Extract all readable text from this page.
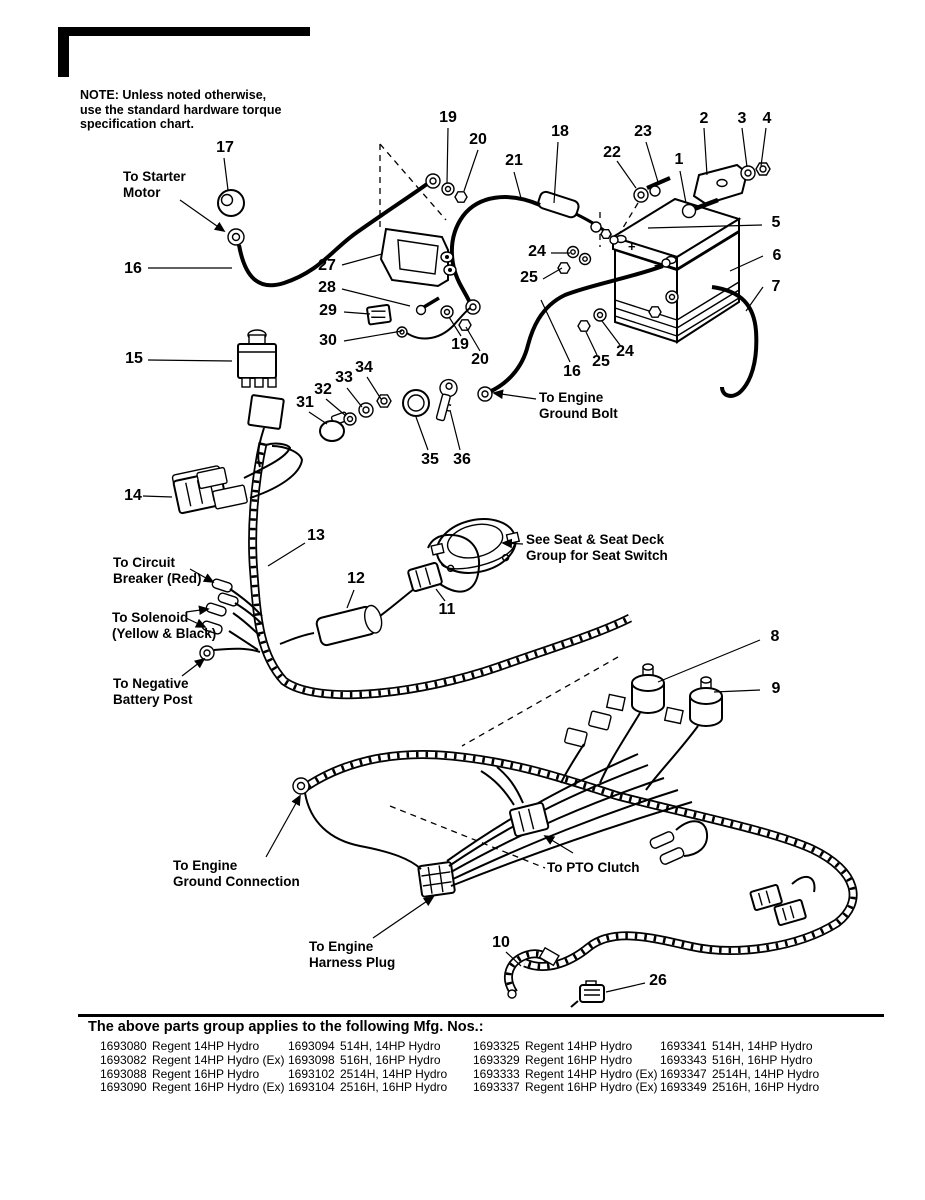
+
−
NOTE: Unless noted otherwise,
use the standard hardware torque
specification chart.
To Starter
Motor
To Engine
Ground Bolt
See Seat & Seat Deck
Group for Seat Switch
To Circuit
Breaker (Red)
To Solenoid
(Yellow & Black)
To Negative
Battery Post
To Engine
Ground Connection
To PTO Clutch
To Engine
Harness Plug
1
2 3 4
5
6
7
8
9
10
11
12
13
14
15
16
16
17
18
19
19
20
20
21	22
23
24
24
25
25
26
27
28
29
30
31
32
33
34
35 36
The above parts group applies to the following Mfg. Nos.:
1693080 Regent 14HP Hydro
1693082 Regent 14HP Hydro (Ex)
1693088 Regent 16HP Hydro
1693090 Regent 16HP Hydro (Ex)
1693094 514H, 14HP Hydro
1693098 516H, 16HP Hydro
1693102 2514H, 14HP Hydro
1693104 2516H, 16HP Hydro
1693325 Regent 14HP Hydro
1693329 Regent 16HP Hydro
1693333 Regent 14HP Hydro (Ex)
1693337 Regent 16HP Hydro (Ex)
1693341 514H, 14HP Hydro
1693343 516H, 16HP Hydro
1693347 2514H, 14HP Hydro
1693349 2516H, 16HP Hydro
